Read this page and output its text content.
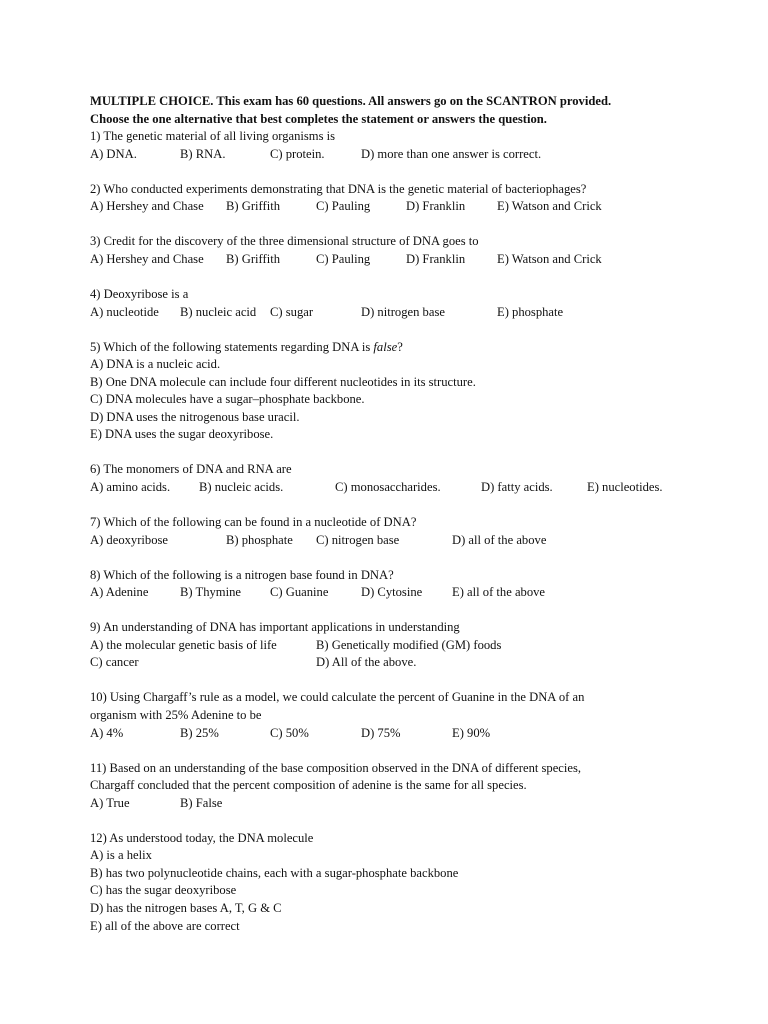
MULTIPLE CHOICE. This exam has 60 questions. All answers go on the SCANTRON provided.
Choose the one alternative that best completes the statement or answers the question.
1) The genetic material of all living organisms is
A) DNA.	B) RNA.	C) protein.	D) more than one answer is correct.
2) Who conducted experiments demonstrating that DNA is the genetic material of bacteriophages?
A) Hershey and Chase B) Griffith	C) Pauling	D) Franklin	E) Watson and Crick
3) Credit for the discovery of the three dimensional structure of DNA goes to
A) Hershey and Chase B) Griffith	C) Pauling	D) Franklin	E) Watson and Crick
4) Deoxyribose is a
A) nucleotide B) nucleic acid C) sugar	D) nitrogen base	E) phosphate
5) Which of the following statements regarding DNA is false?
A) DNA is a nucleic acid.
B) One DNA molecule can include four different nucleotides in its structure.
C) DNA molecules have a sugar–phosphate backbone.
D) DNA uses the nitrogenous base uracil.
E) DNA uses the sugar deoxyribose.
6) The monomers of DNA and RNA are
A) amino acids. B) nucleic acids.	C) monosaccharides.	D) fatty acids.	E) nucleotides.
7) Which of the following can be found in a nucleotide of DNA?
A) deoxyribose	B) phosphate C) nitrogen base	D) all of the above
8) Which of the following is a nitrogen base found in DNA?
A) Adenine	B) Thymine C) Guanine	D) Cytosine E) all of the above
9) An understanding of DNA has important applications in understanding
A) the molecular genetic basis of life	B) Genetically modified (GM) foods
C) cancer	D) All of the above.
10) Using Chargaff’s rule as a model, we could calculate the percent of Guanine in the DNA of an
organism with 25% Adenine to be
A) 4%	B) 25%	C) 50%	D) 75%	E) 90%
11) Based on an understanding of the base composition observed in the DNA of different species,
Chargaff concluded that the percent composition of adenine is the same for all species.
A) True	B) False
12) As understood today, the DNA molecule
A) is a helix
B) has two polynucleotide chains, each with a sugar-phosphate backbone
C) has the sugar deoxyribose
D) has the nitrogen bases A, T, G & C
E) all of the above are correct
